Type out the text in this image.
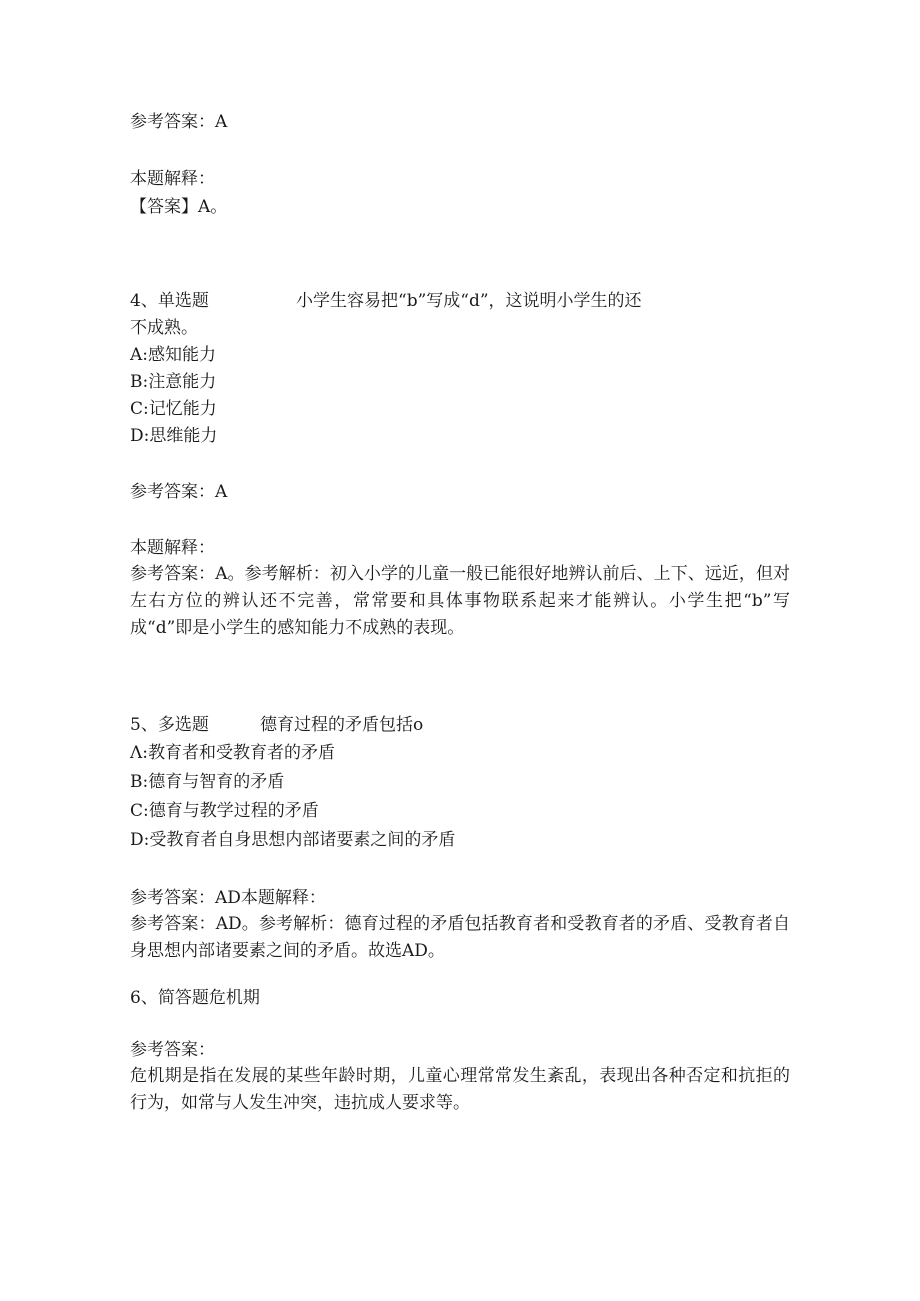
参考答案：A
本题解释：
【答案】A。
4、单选题	小学生容易把“b”写成“d”，这说明小学生的还
不成熟。
A:感知能力
B:注意能力
C:记忆能力
D:思维能力
参考答案：A
本题解释：
参考答案：A。参考解析：初入小学的儿童一般已能很好地辨认前后、上下、远近，但对左右方位的辨认还不完善，常常要和具体事物联系起来才能辨认。小学生把“b”写成“d”即是小学生的感知能力不成熟的表现。
5、多选题	德育过程的矛盾包括o
Λ:教育者和受教育者的矛盾
B:德育与智育的矛盾
C:德育与教学过程的矛盾
D:受教育者自身思想内部诸要素之间的矛盾
参考答案：AD本题解释：
参考答案：AD。参考解析：德育过程的矛盾包括教育者和受教育者的矛盾、受教育者自身思想内部诸要素之间的矛盾。故选AD。
6、简答题危机期
参考答案：
危机期是指在发展的某些年龄时期，儿童心理常常发生紊乱，表现出各种否定和抗拒的行为，如常与人发生冲突，违抗成人要求等。
